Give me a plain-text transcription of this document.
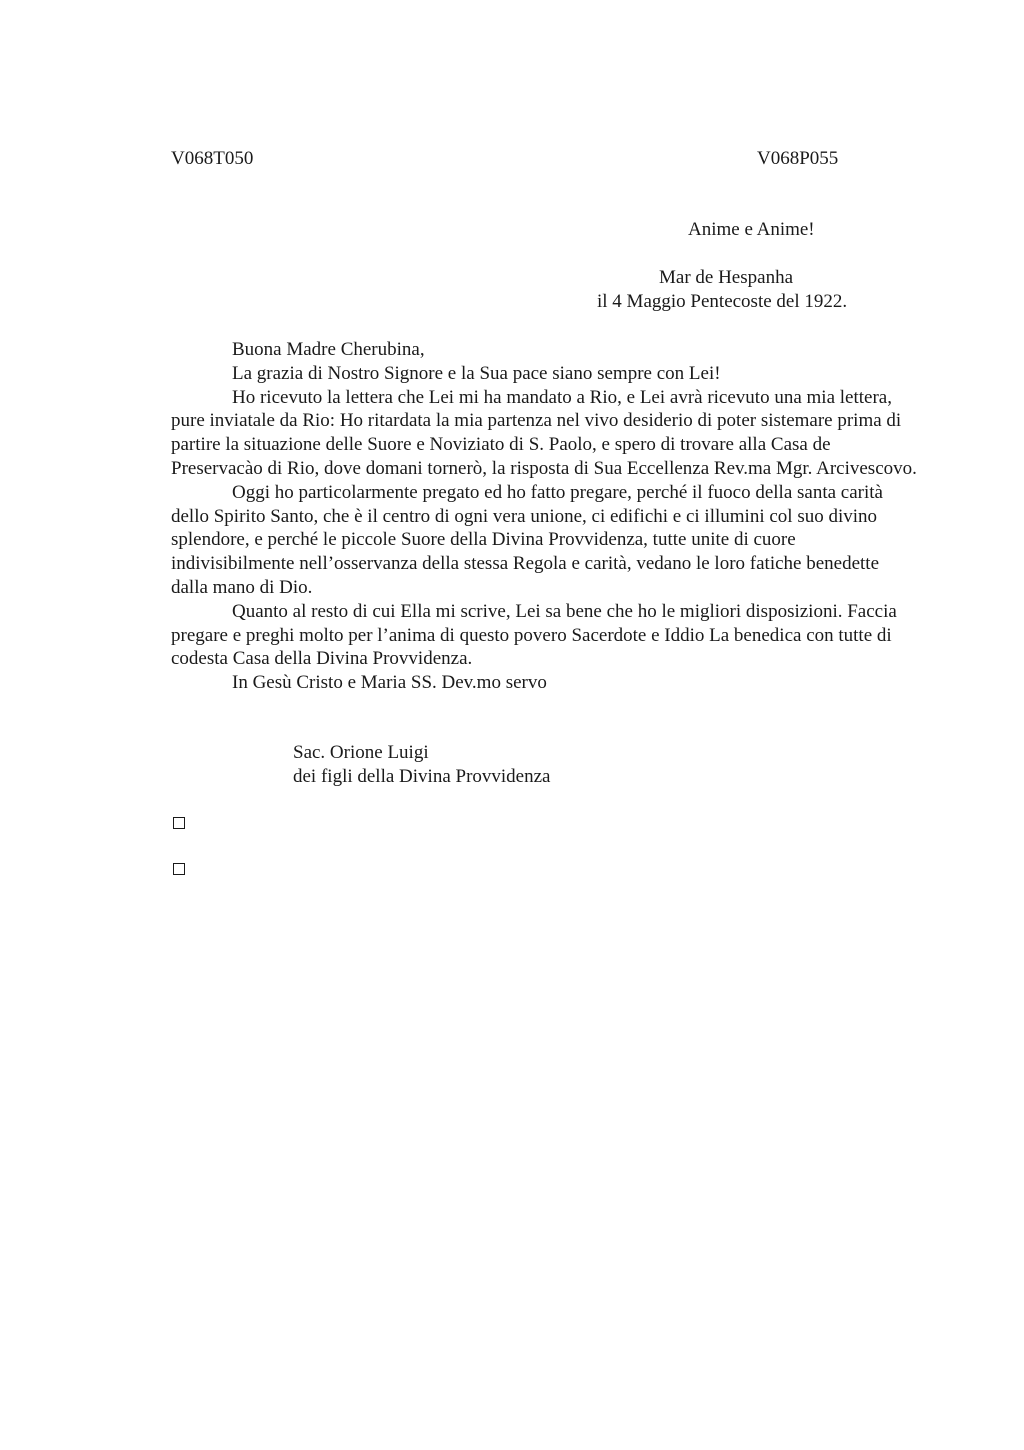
V068T050	V068P055
Anime e Anime!
Mar de Hespanha
il 4 Maggio Pentecoste del 1922.

Buona Madre Cherubina,

La grazia di Nostro Signore e la Sua pace siano sempre con Lei!

Ho ricevuto la lettera che Lei mi ha mandato a Rio, e Lei avrà ricevuto una mia lettera, pure inviatale da Rio: Ho ritardata la mia partenza nel vivo desiderio di poter sistemare prima di partire la situazione delle Suore e Noviziato di S. Paolo, e spero di trovare alla Casa de Preservacào di Rio, dove domani tornerò, la risposta di Sua Eccellenza Rev.ma Mgr. Arcivescovo.

Oggi ho particolarmente pregato ed ho fatto pregare, perché il fuoco della santa carità dello Spirito Santo, che è il centro di ogni vera unione, ci edifichi e ci illumini col suo divino splendore, e perché le piccole Suore della Divina Provvidenza, tutte unite di cuore indivisibilmente nell’osservanza della stessa Regola e carità, vedano le loro fatiche benedette dalla mano di Dio.

Quanto al resto di cui Ella mi scrive, Lei sa bene che ho le migliori disposizioni. Faccia pregare e preghi molto per l’anima di questo povero Sacerdote e Iddio La benedica con tutte di codesta Casa della Divina Provvidenza.

In Gesù Cristo e Maria SS. Dev.mo servo

Sac. Orione Luigi
dei figli della Divina Provvidenza
